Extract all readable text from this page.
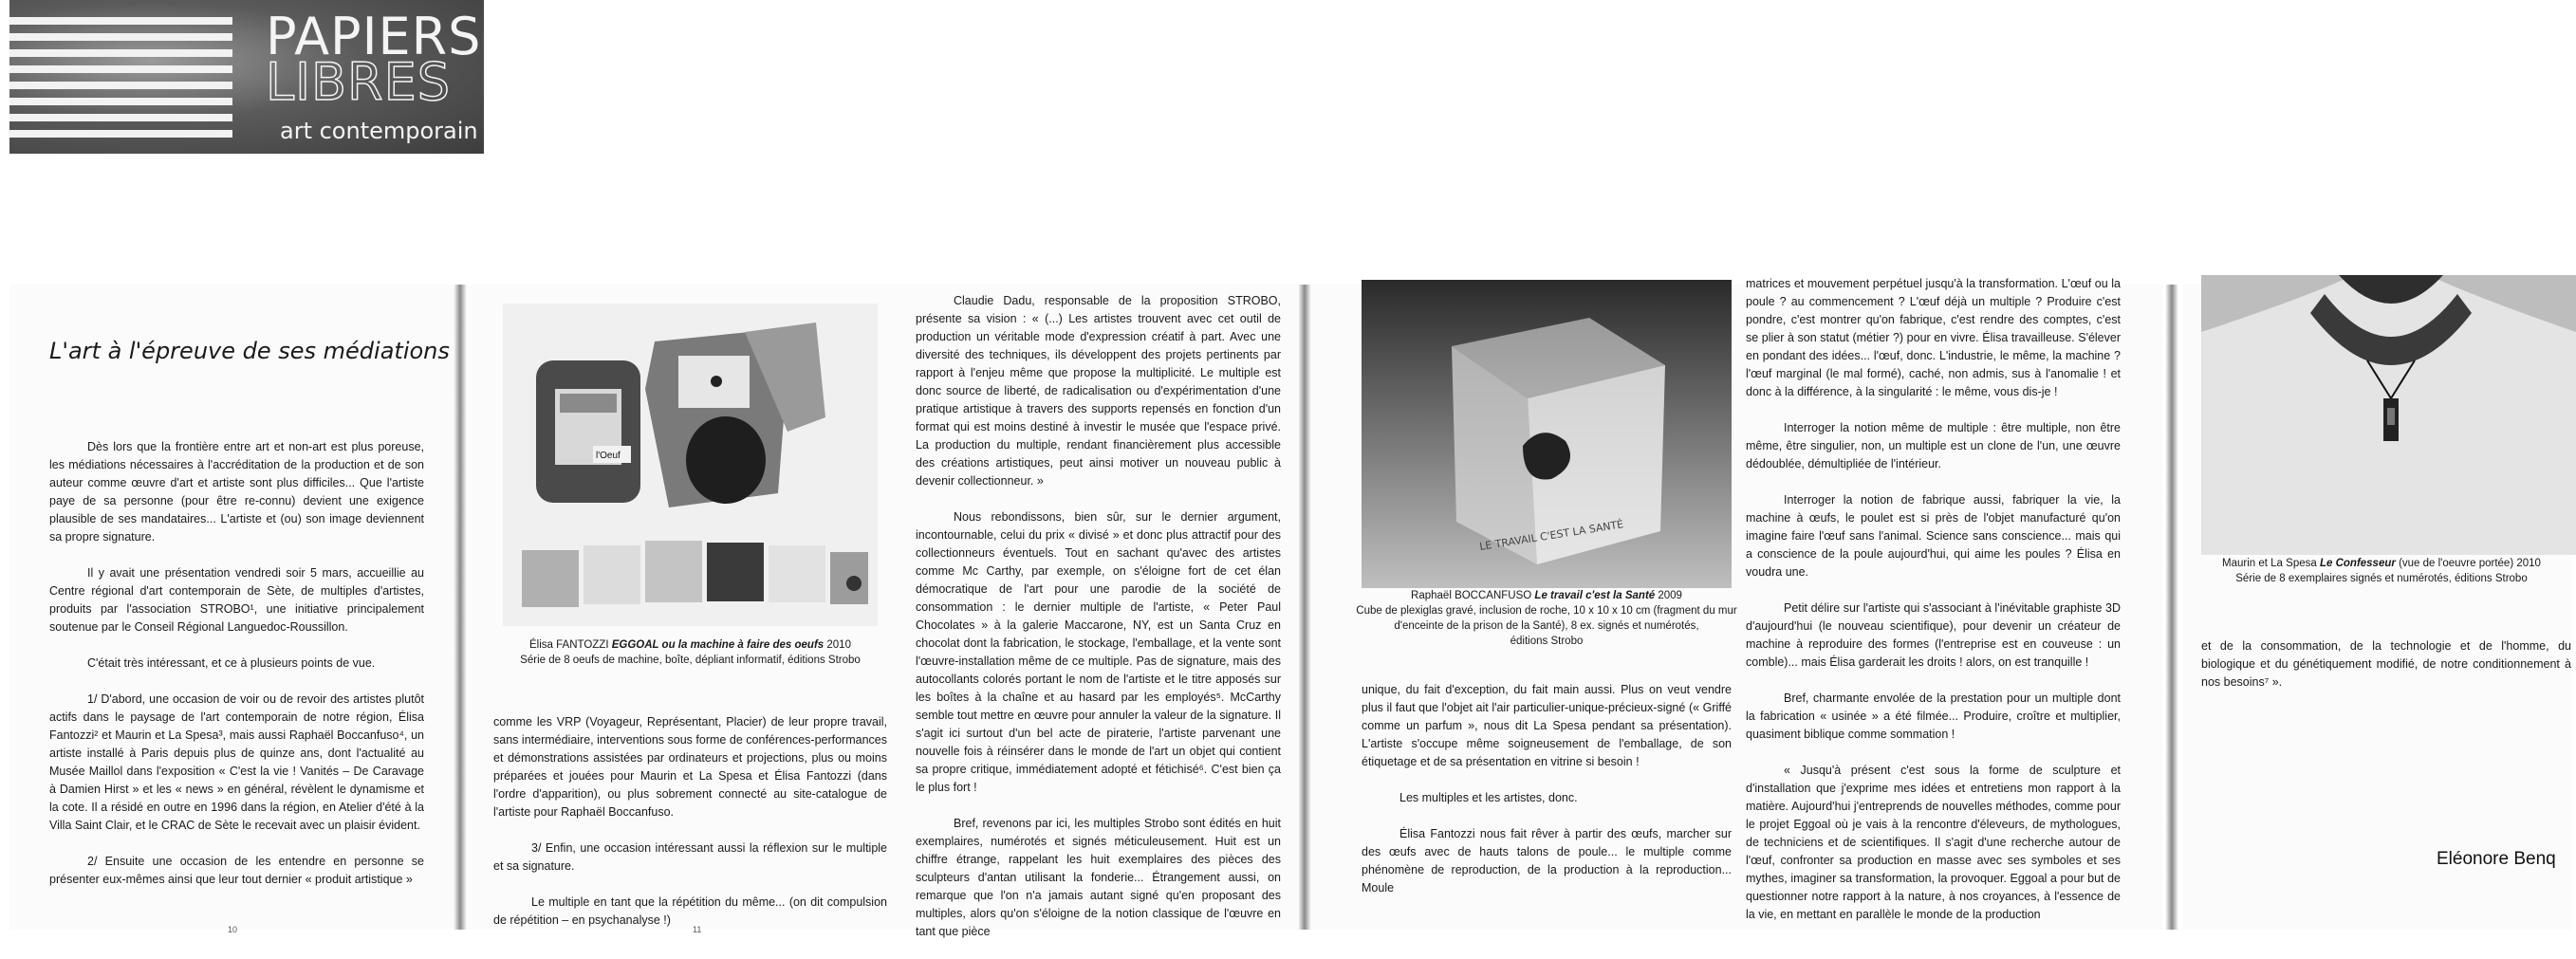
PAPIERS
LIBRES
art contemporain
L'art à l'épreuve de ses médiations

Dès lors que la frontière entre art et non-art est plus poreuse, les médiations nécessaires à l'accréditation de la production et de son auteur comme œuvre d'art et artiste sont plus difficiles... Que l'artiste paye de sa personne (pour être re-connu) devient une exigence plausible de ses mandataires... L'artiste et (ou) son image deviennent sa propre signature.

Il y avait une présentation vendredi soir 5 mars, accueillie au Centre régional d'art contemporain de Sète, de multiples d'artistes, produits par l'association STROBO¹, une initiative principalement soutenue par le Conseil Régional Languedoc-Roussillon.

C'était très intéressant, et ce à plusieurs points de vue.

1/ D'abord, une occasion de voir ou de revoir des artistes plutôt actifs dans le paysage de l'art contemporain de notre région, Élisa Fantozzi² et Maurin et La Spesa³, mais aussi Raphaël Boccanfuso⁴, un artiste installé à Paris depuis plus de quinze ans, dont l'actualité au Musée Maillol dans l'exposition « C'est la vie ! Vanités – De Caravage à Damien Hirst » et les « news » en général, révèlent le dynamisme et la cote. Il a résidé en outre en 1996 dans la région, en Atelier d'été à la Villa Saint Clair, et le CRAC de Sète le recevait avec un plaisir évident.

2/ Ensuite une occasion de les entendre en personne se présenter eux-mêmes ainsi que leur tout dernier « produit artistique »

10
l'Oeuf
Élisa FANTOZZI EGGOAL ou la machine à faire des oeufs 2010
Série de 8 oeufs de machine, boîte, dépliant informatif, éditions Strobo

comme les VRP (Voyageur, Représentant, Placier) de leur propre travail, sans intermédiaire, interventions sous forme de conférences-performances et démonstrations assistées par ordinateurs et projections, plus ou moins préparées et jouées pour Maurin et La Spesa et Élisa Fantozzi (dans l'ordre d'apparition), ou plus sobrement connecté au site-catalogue de l'artiste pour Raphaël Boccanfuso.

3/ Enfin, une occasion intéressant aussi la réflexion sur le multiple et sa signature.

Le multiple en tant que la répétition du même... (on dit compulsion de répétition – en psychanalyse !)

11

Claudie Dadu, responsable de la proposition STROBO, présente sa vision : « (...) Les artistes trouvent avec cet outil de production un véritable mode d'expression créatif à part. Avec une diversité des techniques, ils développent des projets pertinents par rapport à l'enjeu même que propose la multiplicité. Le multiple est donc source de liberté, de radicalisation ou d'expérimentation d'une pratique artistique à travers des supports repensés en fonction d'un format qui est moins destiné à investir le musée que l'espace privé. La production du multiple, rendant financièrement plus accessible des créations artistiques, peut ainsi motiver un nouveau public à devenir collectionneur. »

Nous rebondissons, bien sûr, sur le dernier argument, incontournable, celui du prix « divisé » et donc plus attractif pour des collectionneurs éventuels. Tout en sachant qu'avec des artistes comme Mc Carthy, par exemple, on s'éloigne fort de cet élan démocratique de l'art pour une parodie de la société de consommation : le dernier multiple de l'artiste, « Peter Paul Chocolates » à la galerie Maccarone, NY, est un Santa Cruz en chocolat dont la fabrication, le stockage, l'emballage, et la vente sont l'œuvre-installation même de ce multiple. Pas de signature, mais des autocollants colorés portant le nom de l'artiste et le titre apposés sur les boîtes à la chaîne et au hasard par les employés⁵. McCarthy semble tout mettre en œuvre pour annuler la valeur de la signature. Il s'agit ici surtout d'un bel acte de piraterie, l'artiste parvenant une nouvelle fois à réinsérer dans le monde de l'art un objet qui contient sa propre critique, immédiatement adopté et fétichisé⁶. C'est bien ça le plus fort !

Bref, revenons par ici, les multiples Strobo sont édités en huit exemplaires, numérotés et signés méticuleusement. Huit est un chiffre étrange, rappelant les huit exemplaires des pièces des sculpteurs d'antan utilisant la fonderie... Étrangement aussi, on remarque que l'on n'a jamais autant signé qu'en proposant des multiples, alors qu'on s'éloigne de la notion classique de l'œuvre en tant que pièce

LE TRAVAIL C'EST LA SANTÉ
Raphaël BOCCANFUSO Le travail c'est la Santé 2009
Cube de plexiglas gravé, inclusion de roche, 10 x 10 x 10 cm (fragment du mur
d'enceinte de la prison de la Santé), 8 ex. signés et numérotés,
éditions Strobo

unique, du fait d'exception, du fait main aussi. Plus on veut vendre plus il faut que l'objet ait l'air particulier-unique-précieux-signé (« Griffé comme un parfum », nous dit La Spesa pendant sa présentation). L'artiste s'occupe même soigneusement de l'emballage, de son étiquetage et de sa présentation en vitrine si besoin !

Les multiples et les artistes, donc.

Élisa Fantozzi nous fait rêver à partir des œufs, marcher sur des œufs avec de hauts talons de poule... le multiple comme phénomène de reproduction, de la production à la reproduction... Moule

matrices et mouvement perpétuel jusqu'à la transformation. L'œuf ou la poule ? au commencement ? L'œuf déjà un multiple ? Produire c'est pondre, c'est montrer qu'on fabrique, c'est rendre des comptes, c'est se plier à son statut (métier ?) pour en vivre. Élisa travailleuse. S'élever en pondant des idées... l'œuf, donc. L'industrie, le même, la machine ? l'œuf marginal (le mal formé), caché, non admis, sus à l'anomalie ! et donc à la différence, à la singularité : le même, vous dis-je !

Interroger la notion même de multiple : être multiple, non être même, être singulier, non, un multiple est un clone de l'un, une œuvre dédoublée, démultipliée de l'intérieur.

Interroger la notion de fabrique aussi, fabriquer la vie, la machine à œufs, le poulet est si près de l'objet manufacturé qu'on imagine faire l'œuf sans l'animal. Science sans conscience... mais qui a conscience de la poule aujourd'hui, qui aime les poules ? Élisa en voudra une.

Petit délire sur l'artiste qui s'associant à l'inévitable graphiste 3D d'aujourd'hui (le nouveau scientifique), pour devenir un créateur de machine à reproduire des formes (l'entreprise est en couveuse : un comble)... mais Élisa garderait les droits ! alors, on est tranquille !

Bref, charmante envolée de la prestation pour un multiple dont la fabrication « usinée » a été filmée... Produire, croître et multiplier, quasiment biblique comme sommation !

« Jusqu'à présent c'est sous la forme de sculpture et d'installation que j'exprime mes idées et entretiens mon rapport à la matière. Aujourd'hui j'entreprends de nouvelles méthodes, comme pour le projet Eggoal où je vais à la rencontre d'éleveurs, de mythologues, de techniciens et de scientifiques. Il s'agit d'une recherche autour de l'œuf, confronter sa production en masse avec ses symboles et ses mythes, imaginer sa transformation, la provoquer. Eggoal a pour but de questionner notre rapport à la nature, à nos croyances, à l'essence de la vie, en mettant en parallèle le monde de la production

Maurin et La Spesa Le Confesseur (vue de l'oeuvre portée) 2010
Série de 8 exemplaires signés et numérotés, éditions Strobo

et de la consommation, de la technologie et de l'homme, du biologique et du génétiquement modifié, de notre conditionnement à nos besoins⁷ ».

Eléonore Benq
